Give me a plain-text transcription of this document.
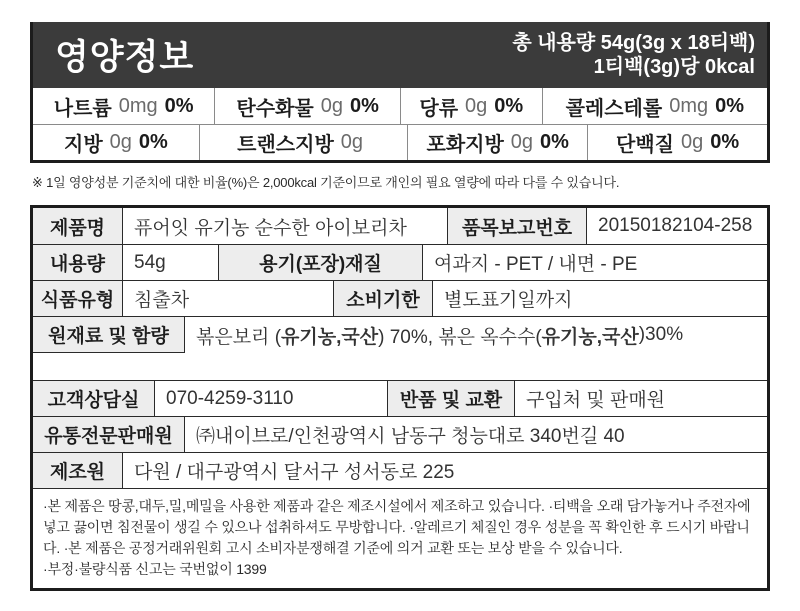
영양정보	총 내용량 54g(3g x 18티백)
1티백(3g)당 0kcal
나트륨 0mg 0% 탄수화물 0g 0% 당류 0g 0% 콜레스테롤 0mg 0%
지방 0g 0%	트랜스지방 0g	포화지방 0g 0% 단백질 0g 0%
※ 1일 영양성분 기준치에 대한 비율(%)은 2,000kcal 기준이므로 개인의 필요 열량에 따라 다를 수 있습니다.
제품명	퓨어잇 유기농 순수한 아이보리차	품목보고번호	20150182104-258
내용량	54g	용기(포장)재질	여과지 - PET / 내면 - PE
식품유형	침출차	소비기한	별도표기일까지
원재료 및 함량	볶은보리 ( 유기농,국산 ) 70%, 볶은 옥수수( 유기농,국산 )30%
고객상담실	070-4259-3110	반품 및 교환	구입처 및 판매원
유통전문판매원	㈜내이브로/인천광역시 남동구 청능대로 340번길 40
제조원	다원 / 대구광역시 달서구 성서동로 225

·본 제품은 땅콩,대두,밀,메밀을 사용한 제품과 같은 제조시설에서 제조하고 있습니다. ·티백을 오래 담가놓거나 주전자에 넣고 끓이면 침전물이 생길 수 있으나 섭취하셔도 무방합니다. ·알레르기 체질인 경우 성분을 꼭 확인한 후 드시기 바랍니다. ·본 제품은 공정거래위원회 고시 소비자분쟁해결 기준에 의거 교환 또는 보상 받을 수 있습니다.

·부정·불량식품 신고는 국번없이 1399
